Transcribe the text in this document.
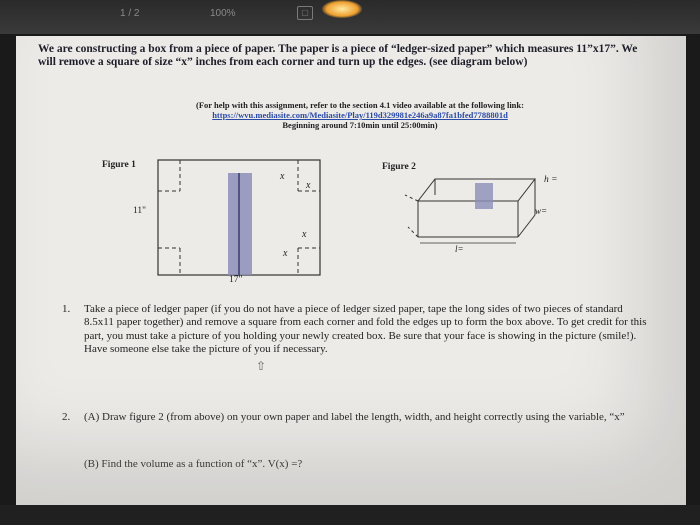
1 / 2	100%	▢
We are constructing a box from a piece of paper. The paper is a piece of “ledger-sized paper” which measures 11”x17”. We will remove a square of size “x” inches from each corner and turn up the edges. (see diagram below)
(For help with this assignment, refer to the section 4.1 video available at the following link:
https://wvu.mediasite.com/Mediasite/Play/119d329981e246a9a87fa1bfed7788801d
Beginning around 7:10min until 25:00min)
Figure 1
x
x
x
x
11"
17"
Figure 2
l=
w=
h =
1. Take a piece of ledger paper (if you do not have a piece of ledger sized paper, tape the long sides of two pieces of standard 8.5x11 paper together) and remove a square from each corner and fold the edges up to form the box above. To get credit for this part, you must take a picture of you holding your newly created box. Be sure that your face is showing in the picture (smile!). Have someone else take the picture of you if necessary.
⇧
2. (A) Draw figure 2 (from above) on your own paper and label the length, width, and height correctly using the variable, “x”
(B) Find the volume as a function of “x”. V(x) =?
